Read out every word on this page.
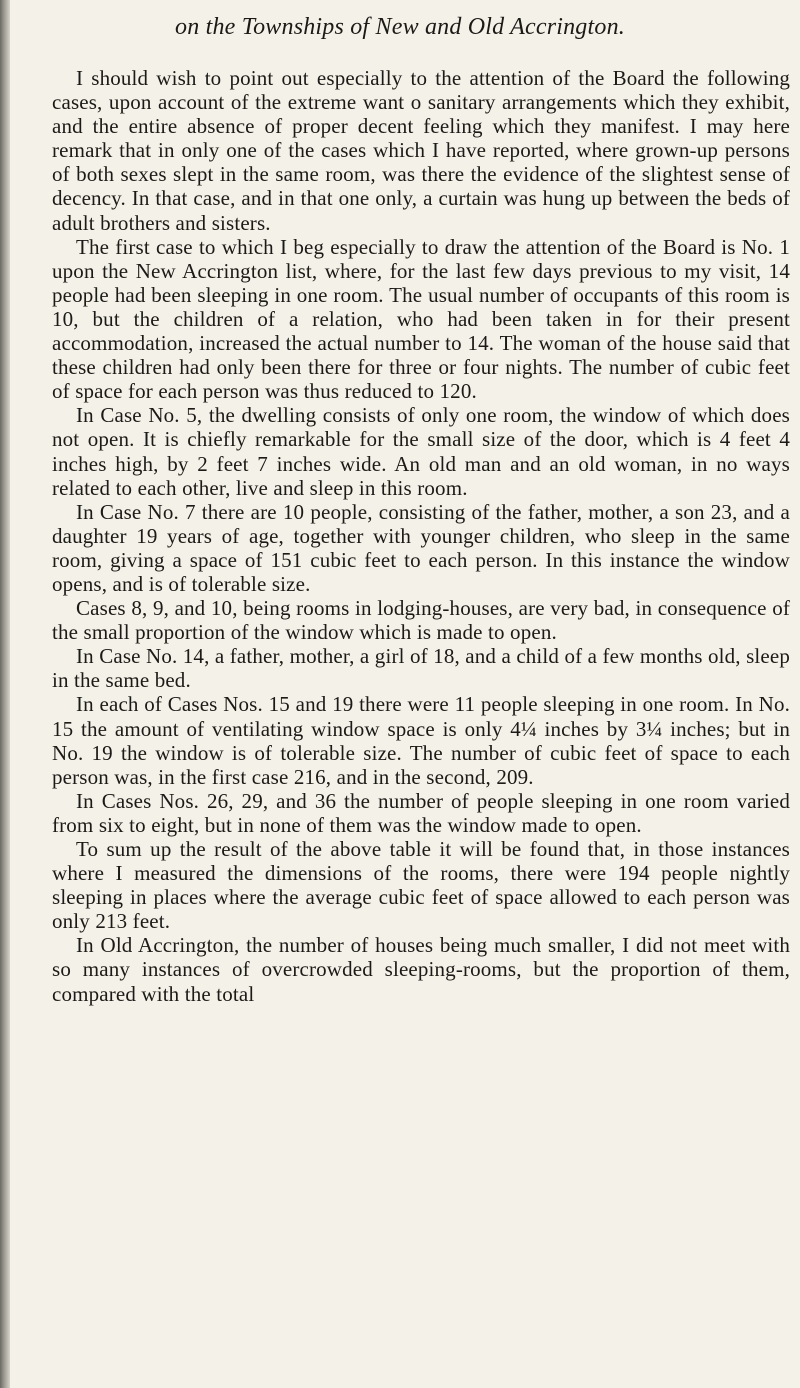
on the Townships of New and Old Accrington.

I should wish to point out especially to the attention of the Board the following cases, upon account of the extreme want o sanitary arrangements which they exhibit, and the entire absence of proper decent feeling which they manifest. I may here remark that in only one of the cases which I have reported, where grown-up persons of both sexes slept in the same room, was there the evidence of the slightest sense of decency. In that case, and in that one only, a curtain was hung up between the beds of adult brothers and sisters.

The first case to which I beg especially to draw the attention of the Board is No. 1 upon the New Accrington list, where, for the last few days previous to my visit, 14 people had been sleeping in one room. The usual number of occupants of this room is 10, but the children of a relation, who had been taken in for their present accommodation, increased the actual number to 14. The woman of the house said that these children had only been there for three or four nights. The number of cubic feet of space for each person was thus reduced to 120.

In Case No. 5, the dwelling consists of only one room, the window of which does not open. It is chiefly remarkable for the small size of the door, which is 4 feet 4 inches high, by 2 feet 7 inches wide. An old man and an old woman, in no ways related to each other, live and sleep in this room.

In Case No. 7 there are 10 people, consisting of the father, mother, a son 23, and a daughter 19 years of age, together with younger children, who sleep in the same room, giving a space of 151 cubic feet to each person. In this instance the window opens, and is of tolerable size.

Cases 8, 9, and 10, being rooms in lodging-houses, are very bad, in consequence of the small proportion of the window which is made to open.

In Case No. 14, a father, mother, a girl of 18, and a child of a few months old, sleep in the same bed.

In each of Cases Nos. 15 and 19 there were 11 people sleeping in one room. In No. 15 the amount of ventilating window space is only 4¼ inches by 3¼ inches; but in No. 19 the window is of tolerable size. The number of cubic feet of space to each person was, in the first case 216, and in the second, 209.

In Cases Nos. 26, 29, and 36 the number of people sleeping in one room varied from six to eight, but in none of them was the window made to open.

To sum up the result of the above table it will be found that, in those instances where I measured the dimensions of the rooms, there were 194 people nightly sleeping in places where the average cubic feet of space allowed to each person was only 213 feet.

In Old Accrington, the number of houses being much smaller, I did not meet with so many instances of overcrowded sleeping-rooms, but the proportion of them, compared with the total
